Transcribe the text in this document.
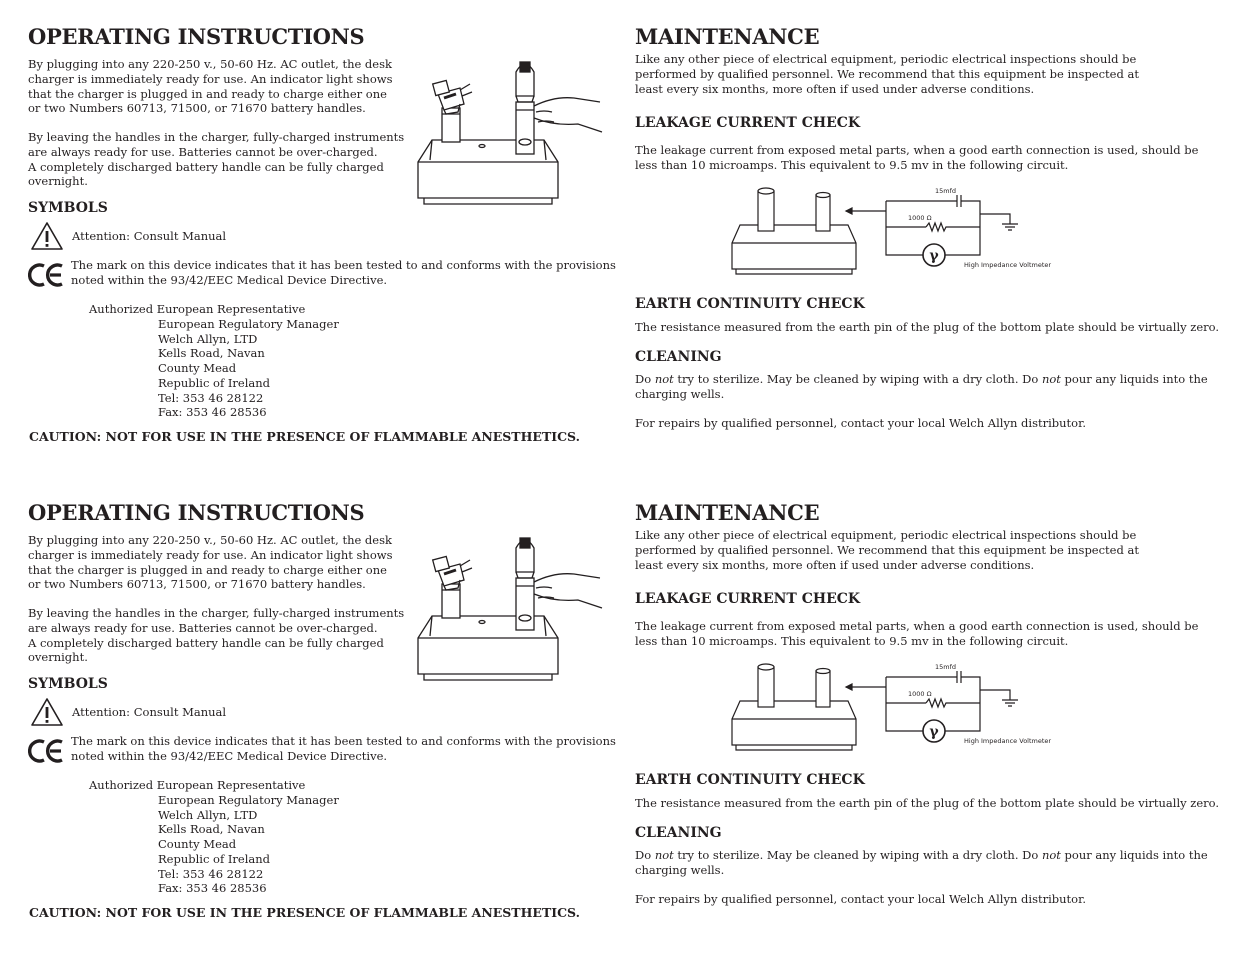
OPERATING INSTRUCTIONS

By plugging into any 220-250 v., 50-60 Hz. AC outlet, the desk
charger is immediately ready for use. An indicator light shows
that the charger is plugged in and ready to charge either one
or two Numbers 60713, 71500, or 71670 battery handles.

By leaving the handles in the charger, fully-charged instruments
are always ready for use. Batteries cannot be over-charged.
A completely discharged battery handle can be fully charged
overnight.

SYMBOLS

Attention: Consult Manual

The mark on this device indicates that it has been tested to and conforms with the provisions
noted within the 93/42/EEC Medical Device Directive.

Authorized European Representative
European Regulatory Manager
Welch Allyn, LTD
Kells Road, Navan
County Mead
Republic of Ireland
Tel: 353 46 28122
Fax: 353 46 28536
CAUTION: NOT FOR USE IN THE PRESENCE OF FLAMMABLE ANESTHETICS.
MAINTENANCE

Like any other piece of electrical equipment, periodic electrical inspections should be
performed by qualified personnel. We recommend that this equipment be inspected at
least every six months, more often if used under adverse conditions.

LEAKAGE CURRENT CHECK

The leakage current from exposed metal parts, when a good earth connection is used, should be
less than 10 microamps. This equivalent to 9.5 mv in the following circuit.

15mfd
1000 Ω
γ
High Impedance Voltmeter
EARTH CONTINUITY CHECK

The resistance measured from the earth pin of the plug of the bottom plate should be virtually zero.

CLEANING

Do not try to sterilize. May be cleaned by wiping with a dry cloth. Do not pour any liquids into the
charging wells.

For repairs by qualified personnel, contact your local Welch Allyn distributor.

OPERATING INSTRUCTIONS

By plugging into any 220-250 v., 50-60 Hz. AC outlet, the desk
charger is immediately ready for use. An indicator light shows
that the charger is plugged in and ready to charge either one
or two Numbers 60713, 71500, or 71670 battery handles.

By leaving the handles in the charger, fully-charged instruments
are always ready for use. Batteries cannot be over-charged.
A completely discharged battery handle can be fully charged
overnight.

SYMBOLS

Attention: Consult Manual

The mark on this device indicates that it has been tested to and conforms with the provisions
noted within the 93/42/EEC Medical Device Directive.

Authorized European Representative
European Regulatory Manager
Welch Allyn, LTD
Kells Road, Navan
County Mead
Republic of Ireland
Tel: 353 46 28122
Fax: 353 46 28536
CAUTION: NOT FOR USE IN THE PRESENCE OF FLAMMABLE ANESTHETICS.
MAINTENANCE

Like any other piece of electrical equipment, periodic electrical inspections should be
performed by qualified personnel. We recommend that this equipment be inspected at
least every six months, more often if used under adverse conditions.

LEAKAGE CURRENT CHECK

The leakage current from exposed metal parts, when a good earth connection is used, should be
less than 10 microamps. This equivalent to 9.5 mv in the following circuit.

15mfd
1000 Ω
γ
High Impedance Voltmeter
EARTH CONTINUITY CHECK

The resistance measured from the earth pin of the plug of the bottom plate should be virtually zero.

CLEANING

Do not try to sterilize. May be cleaned by wiping with a dry cloth. Do not pour any liquids into the
charging wells.

For repairs by qualified personnel, contact your local Welch Allyn distributor.
